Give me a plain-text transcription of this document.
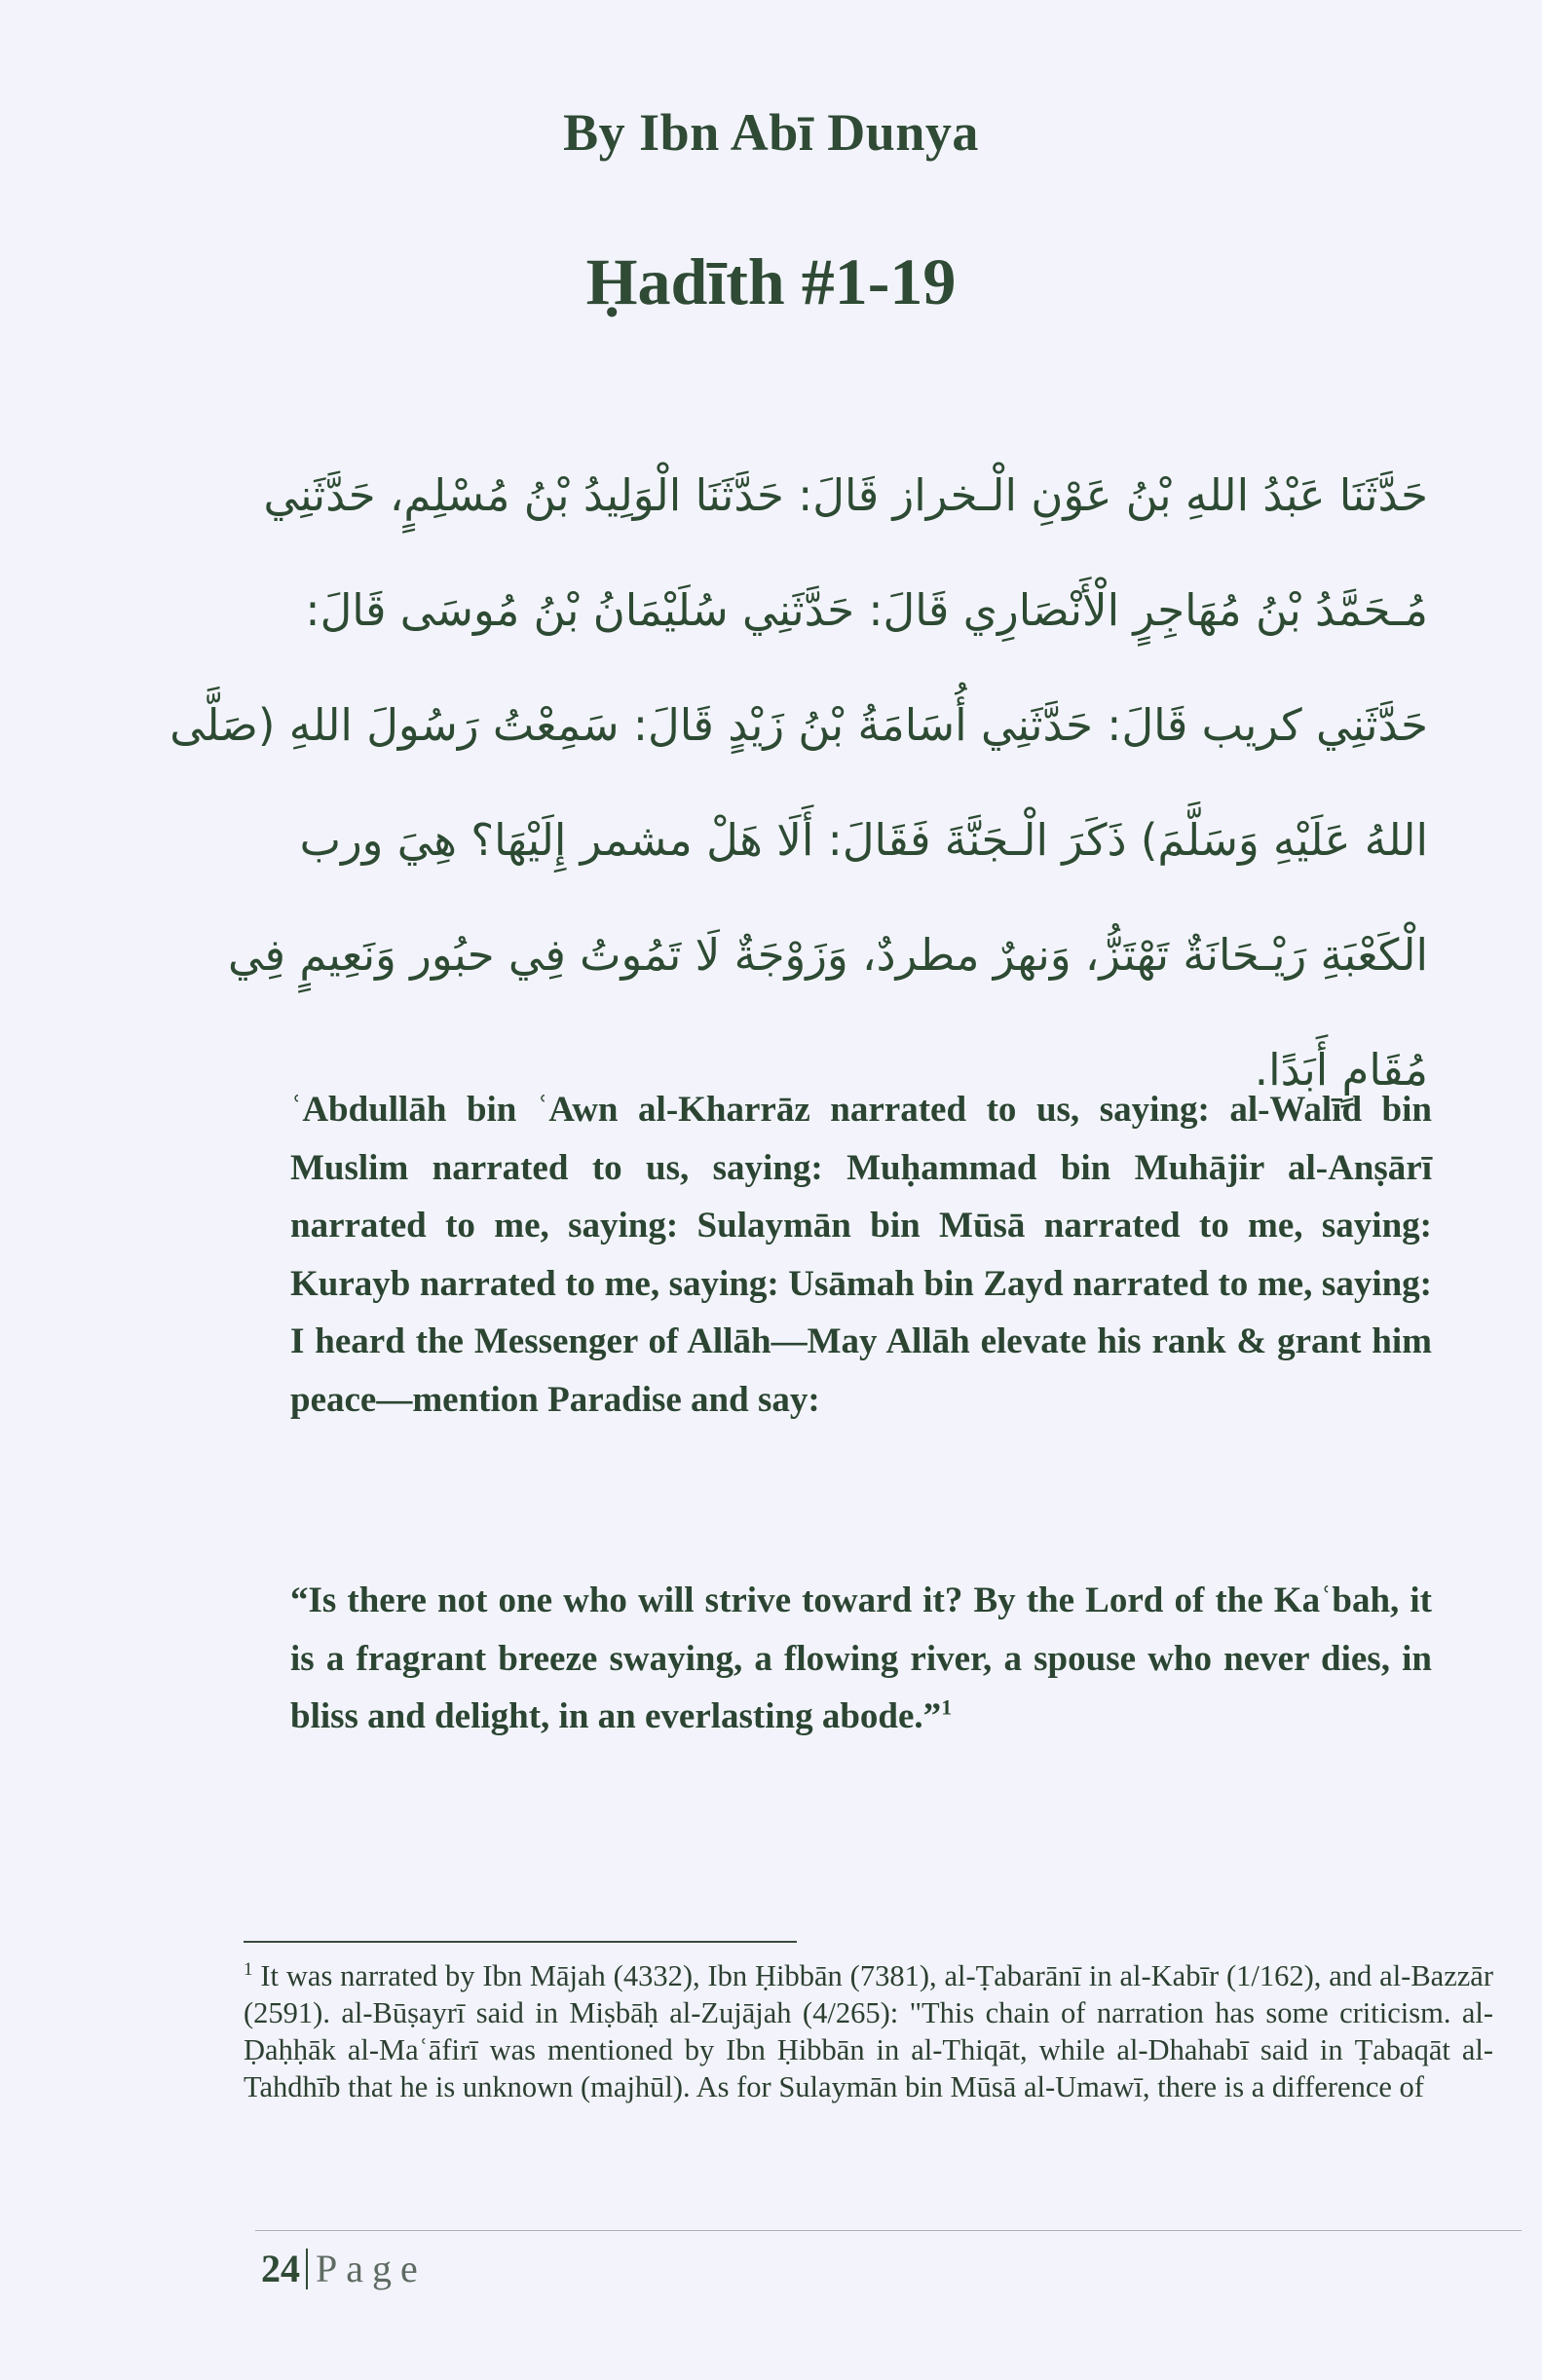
By Ibn Abī Dunya
Ḥadīth #1-19
حَدَّثَنَا عَبْدُ اللهِ بْنُ عَوْنِ الْـخراز قَالَ: حَدَّثَنَا الْوَلِيدُ بْنُ مُسْلِمٍ، حَدَّثَنِي
مُـحَمَّدُ بْنُ مُهَاجِرٍ الْأَنْصَارِي قَالَ: حَدَّثَنِي سُلَيْمَانُ بْنُ مُوسَى قَالَ:
حَدَّثَنِي كريب قَالَ: حَدَّثَنِي أُسَامَةُ بْنُ زَيْدٍ قَالَ: سَمِعْتُ رَسُولَ اللهِ (صَلَّى
اللهُ عَلَيْهِ وَسَلَّمَ) ذَكَرَ الْـجَنَّةَ فَقَالَ: أَلَا هَلْ مشمر إِلَيْهَا؟ هِيَ ورب
الْكَعْبَةِ رَيْـحَانَةٌ تَهْتَزُّ، وَنهرٌ مطردٌ، وَزَوْجَةٌ لَا تَمُوتُ فِي حبُور وَنَعِيمٍ فِي
مُقَامٍ أَبَدًا.

ʿAbdullāh bin ʿAwn al-Kharrāz narrated to us, saying: al-Walīd bin Muslim narrated to us, saying: Muḥammad bin Muhājir al-Anṣārī narrated to me, saying: Sulaymān bin Mūsā narrated to me, saying: Kurayb narrated to me, saying: Usāmah bin Zayd narrated to me, saying: I heard the Messenger of Allāh—May Allāh elevate his rank & grant him peace—mention Paradise and say:

“Is there not one who will strive toward it? By the Lord of the Kaʿbah, it is a fragrant breeze swaying, a flowing river, a spouse who never dies, in bliss and delight, in an everlasting abode.”$^1$

$^1$ It was narrated by Ibn Mājah (4332), Ibn Ḥibbān (7381), al-Ṭabarānī in al-Kabīr (1/162), and al-Bazzār (2591). al-Būṣayrī said in Miṣbāḥ al-Zujājah (4/265): "This chain of narration has some criticism. al-Ḍaḥḥāk al-Maʿāfirī was mentioned by Ibn Ḥibbān in al-Thiqāt, while al-Dhahabī said in Ṭabaqāt al-Tahdhīb that he is unknown (majhūl). As for Sulaymān bin Mūsā al-Umawī, there is a difference of

24 Page
